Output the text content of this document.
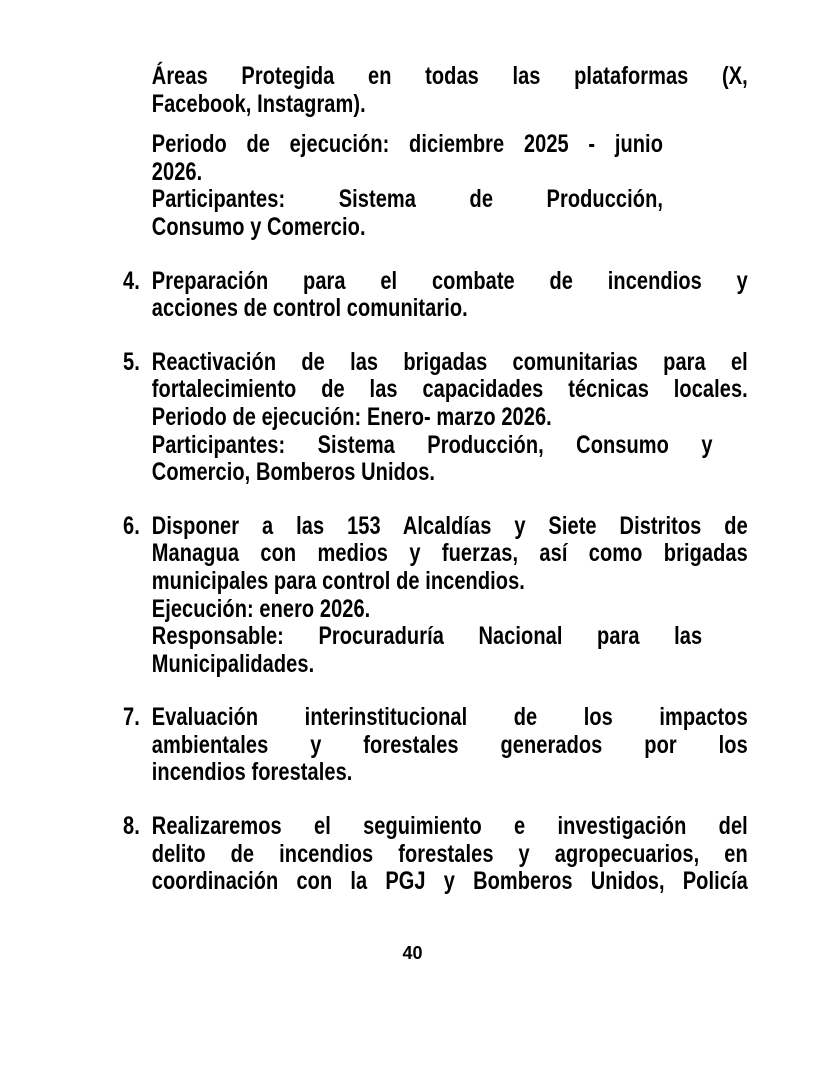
Áreas Protegida en todas las plataformas (X,
Facebook, Instagram).
Periodo de ejecución: diciembre 2025 - junio
2026.
Participantes: Sistema de Producción,
Consumo y Comercio.
4. Preparación para el combate de incendios y
acciones de control comunitario.
5. Reactivación de las brigadas comunitarias para el
fortalecimiento de las capacidades técnicas locales.
Periodo de ejecución: Enero- marzo 2026.
Participantes: Sistema Producción, Consumo y
Comercio, Bomberos Unidos.
6. Disponer a las 153 Alcaldías y Siete Distritos de
Managua con medios y fuerzas, así como brigadas
municipales para control de incendios.
Ejecución: enero 2026.
Responsable: Procuraduría Nacional para las
Municipalidades.
7. Evaluación interinstitucional de los impactos
ambientales y forestales generados por los
incendios forestales.
8. Realizaremos el seguimiento e investigación del
delito de incendios forestales y agropecuarios, en
coordinación con la PGJ y Bomberos Unidos, Policía
40
